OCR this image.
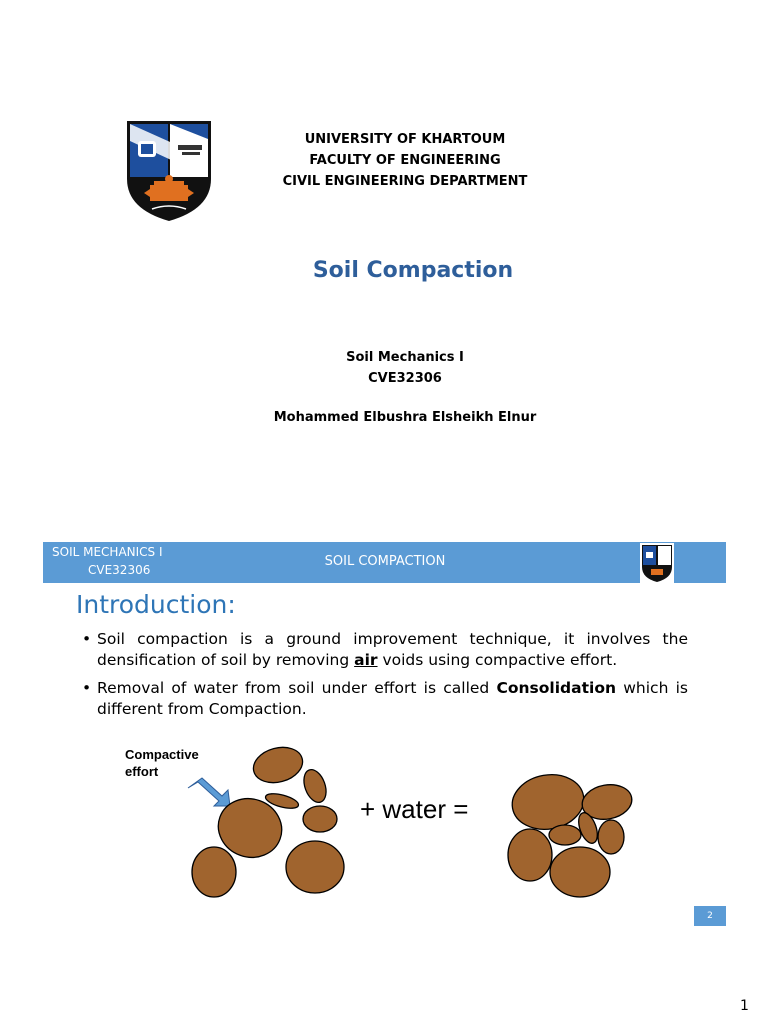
UNIVERSITY OF KHARTOUM
FACULTY OF ENGINEERING
CIVIL ENGINEERING DEPARTMENT
Soil Compaction
Soil Mechanics I
CVE32306
Mohammed Elbushra Elsheikh Elnur
SOIL MECHANICS I
CVE32306
SOIL COMPACTION
Introduction:
• Soil compaction is a ground improvement technique, it involves the densification of soil by removing air voids using compactive effort.
• Removal of water from soil under effort is called Consolidation which is different from Compaction.
Compactive
effort
+ water =
2
1
